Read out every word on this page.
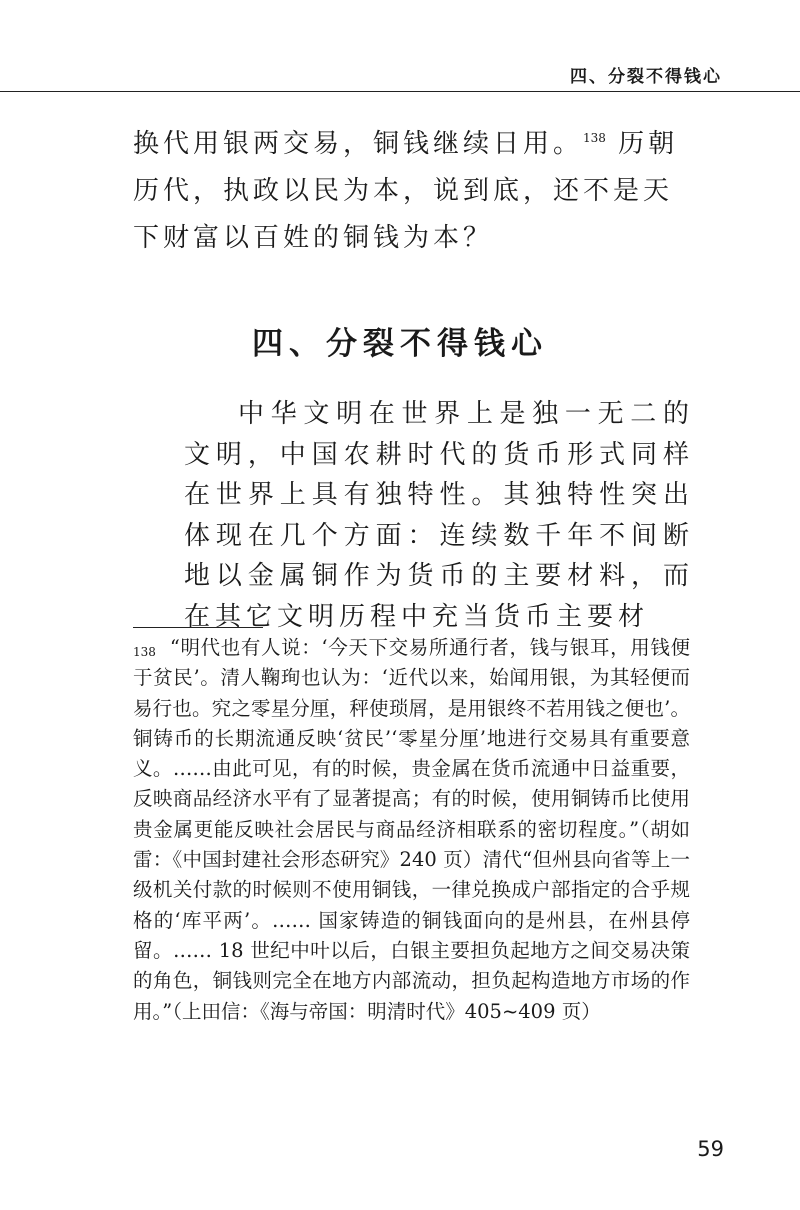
四、分裂不得钱心

换代用银两交易，铜钱继续日用。$^{138}$ 历朝历代，执政以民为本，说到底，还不是天下财富以百姓的铜钱为本？

四、分裂不得钱心

中华文明在世界上是独一无二的文明，中国农耕时代的货币形式同样在世界上具有独特性。其独特性突出体现在几个方面：连续数千年不间断地以金属铜作为货币的主要材料，而在其它文明历程中充当货币主要材

$^{138}$ “明代也有人说：‘今天下交易所通行者，钱与银耳，用钱便于贫民’。清人鞠珣也认为：‘近代以来，始闻用银，为其轻便而易行也。究之零星分厘，秤使琐屑，是用银终不若用钱之便也’。铜铸币的长期流通反映‘贫民’‘零星分厘’地进行交易具有重要意义。……由此可见，有的时候，贵金属在货币流通中日益重要，反映商品经济水平有了显著提高；有的时候，使用铜铸币比使用贵金属更能反映社会居民与商品经济相联系的密切程度。”（胡如雷：《中国封建社会形态研究》240 页）清代“但州县向省等上一级机关付款的时候则不使用铜钱，一律兑换成户部指定的合乎规格的‘库平两’。…… 国家铸造的铜钱面向的是州县，在州县停留。…… 18 世纪中叶以后，白银主要担负起地方之间交易决策的角色，铜钱则完全在地方内部流动，担负起构造地方市场的作用。”（上田信：《海与帝国：明清时代》405~409 页）

59
